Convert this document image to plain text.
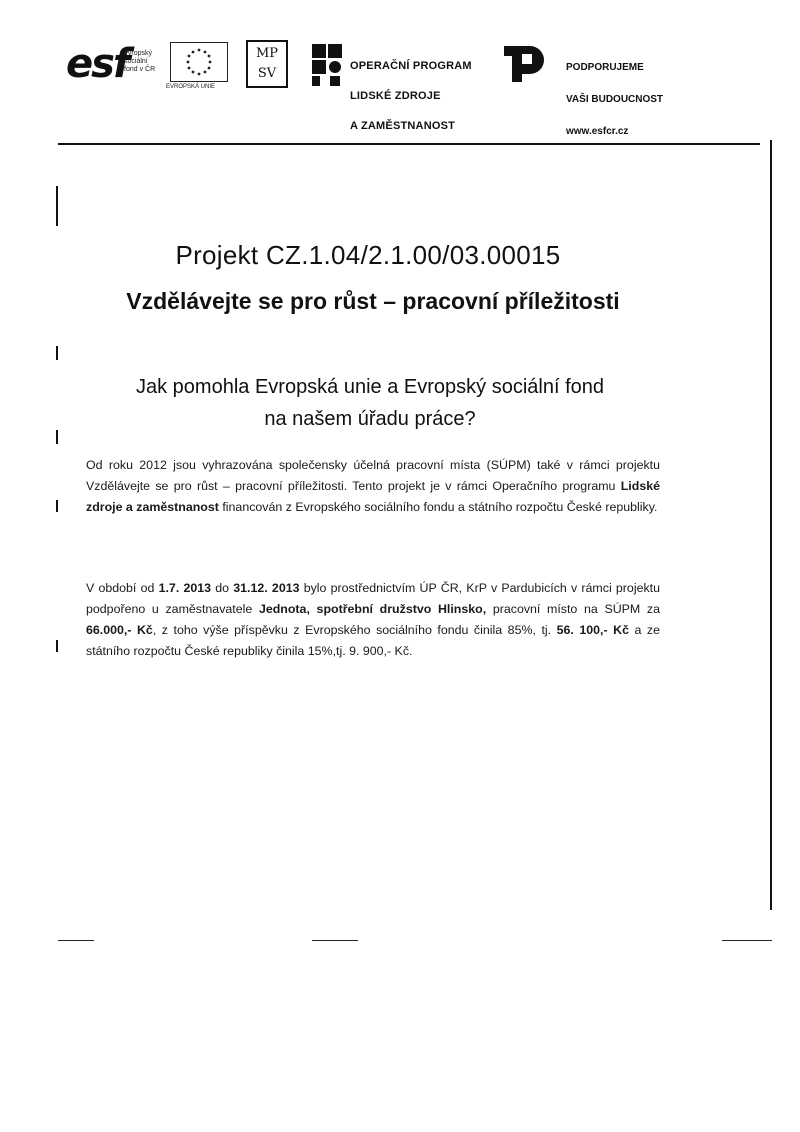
esf
evropský
sociální
fond v ČR
EVROPSKÁ UNIE
MP
SV	OPERAČNÍ PROGRAM

LIDSKÉ ZDROJE

A ZAMĚSTNANOST

PODPORUJEME

VAŠI BUDOUCNOST

www.esfcr.cz

Projekt CZ.1.04/2.1.00/03.00015
Vzdělávejte se pro růst – pracovní příležitosti
Jak pomohla Evropská unie a Evropský sociální fond
na našem úřadu práce?
Od roku 2012 jsou vyhrazována společensky účelná pracovní místa (SÚPM) také v rámci projektu Vzdělávejte se pro růst – pracovní příležitosti. Tento projekt je v rámci Operačního programu Lidské zdroje a zaměstnanost financován z Evropského sociálního fondu a státního rozpočtu České republiky.
V období od 1.7. 2013 do 31.12. 2013 bylo prostřednictvím ÚP ČR, KrP v Pardubicích v rámci projektu podpořeno u zaměstnavatele Jednota, spotřební družstvo Hlinsko, pracovní místo na SÚPM za 66.000,- Kč, z toho výše příspěvku z Evropského sociálního fondu činila 85%, tj. 56. 100,- Kč a ze státního rozpočtu České republiky činila 15%,tj. 9. 900,- Kč.
